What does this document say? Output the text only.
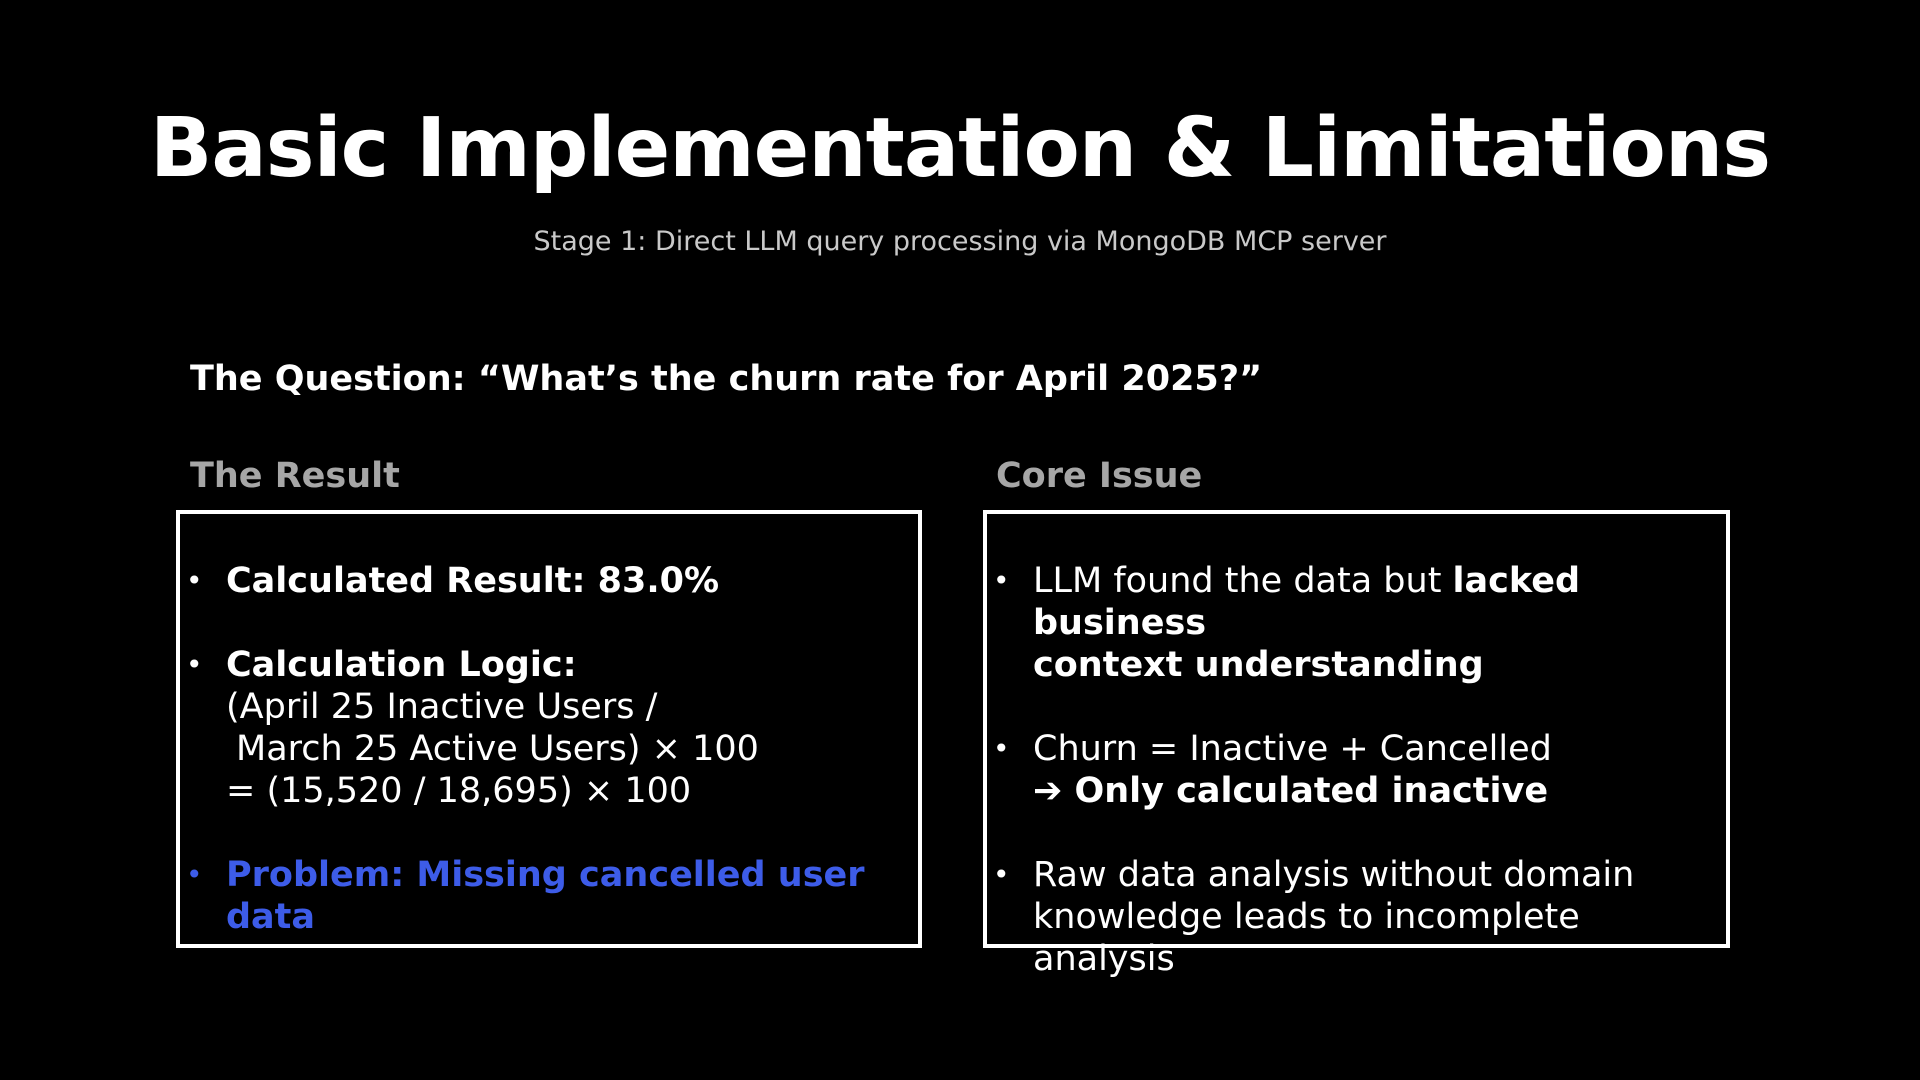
Basic Implementation & Limitations
Stage 1: Direct LLM query processing via MongoDB MCP server
The Question: “What’s the churn rate for April 2025?”
The Result	Core Issue
• Calculated Result: 83.0%
• Calculation Logic:
(April 25 Inactive Users /
March 25 Active Users) × 100
= (15,520 / 18,695) × 100
• Problem: Missing cancelled user data
• LLM found the data but lacked business
context understanding
• Churn = Inactive + Cancelled
➔ Only calculated inactive
• Raw data analysis without domain
knowledge leads to incomplete analysis
